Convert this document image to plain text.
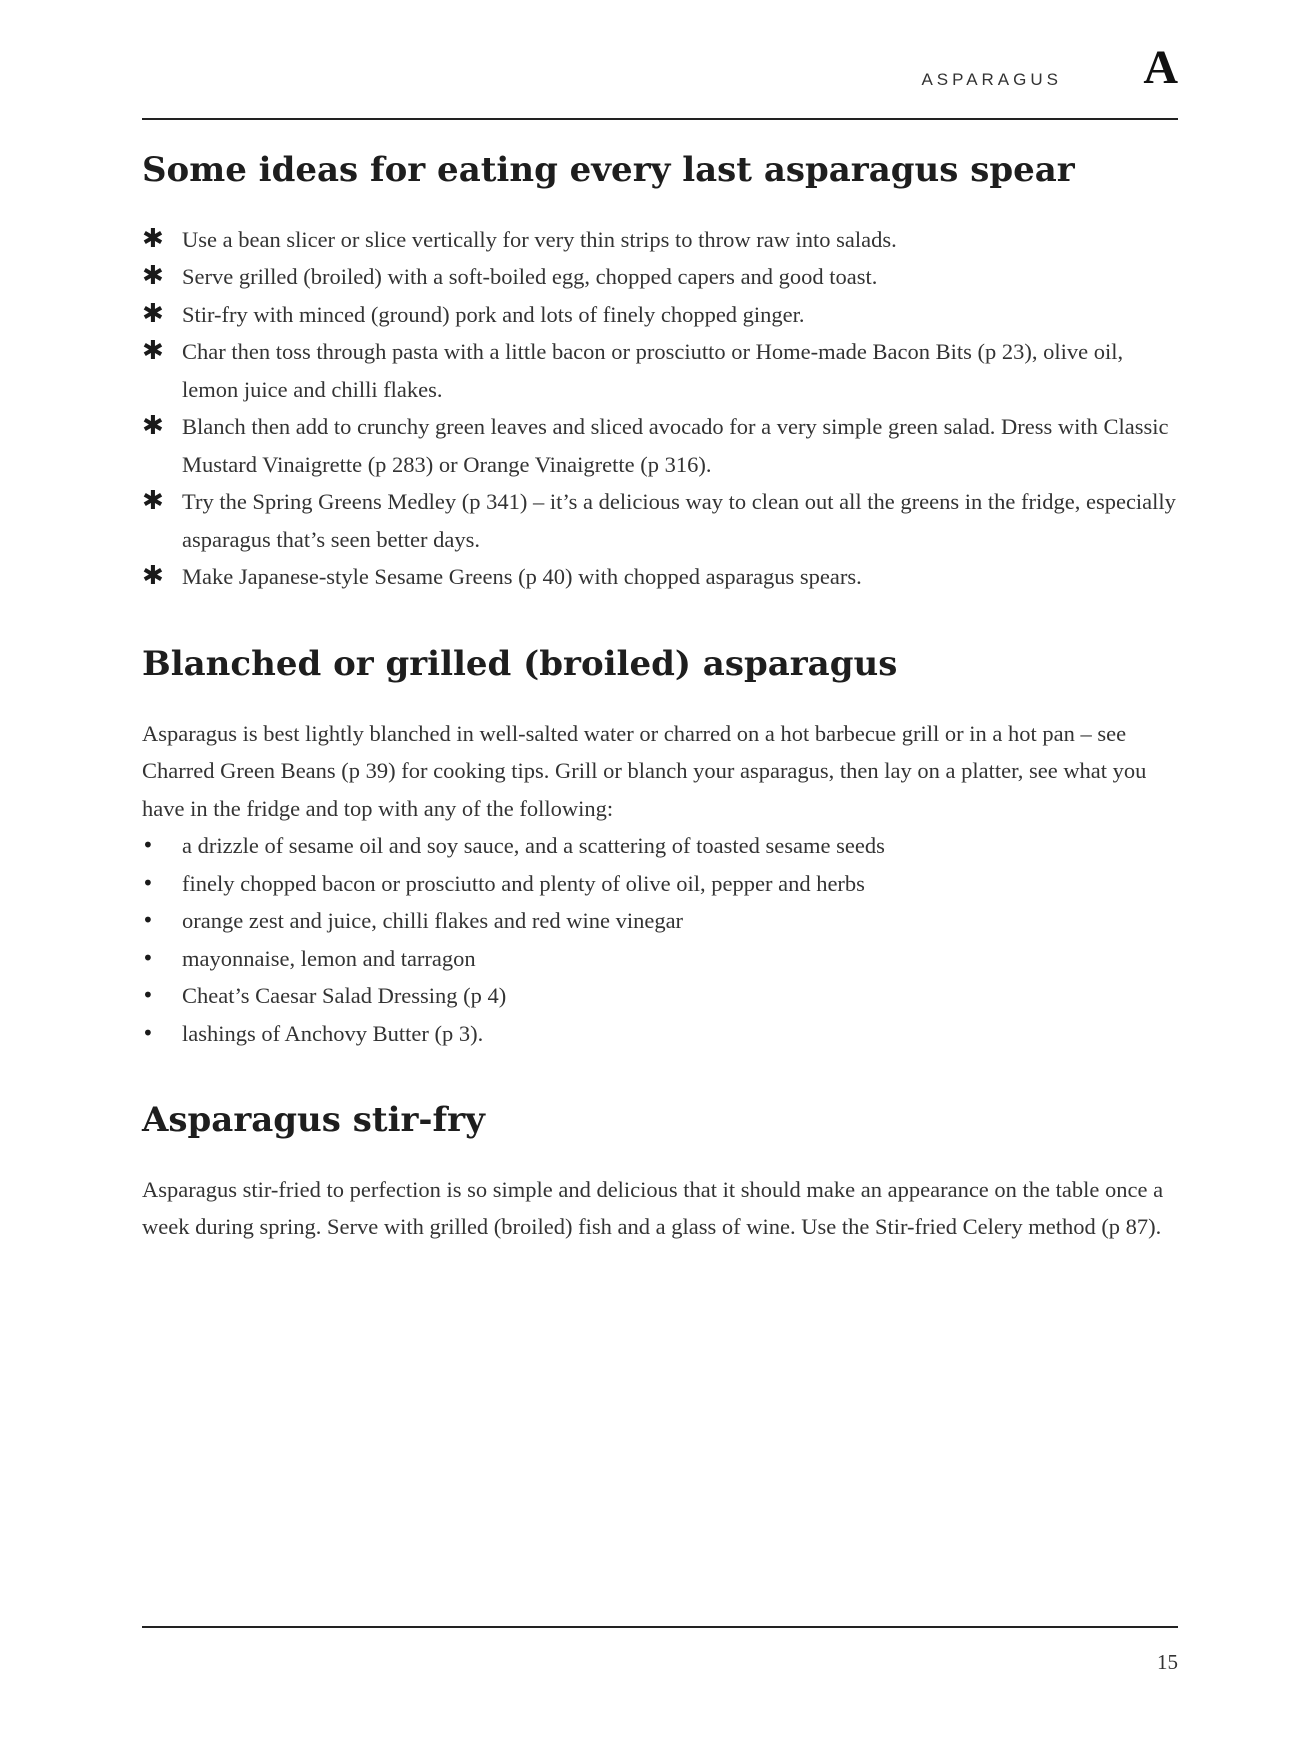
ASPARAGUS A
Some ideas for eating every last asparagus spear
✱ Use a bean slicer or slice vertically for very thin strips to throw raw into salads.
✱ Serve grilled (broiled) with a soft-boiled egg, chopped capers and good toast.
✱ Stir-fry with minced (ground) pork and lots of finely chopped ginger.
✱ Char then toss through pasta with a little bacon or prosciutto or Home-made Bacon Bits (p 23), olive oil, lemon juice and chilli flakes.
✱ Blanch then add to crunchy green leaves and sliced avocado for a very simple green salad. Dress with Classic Mustard Vinaigrette (p 283) or Orange Vinaigrette (p 316).
✱ Try the Spring Greens Medley (p 341) – it’s a delicious way to clean out all the greens in the fridge, especially asparagus that’s seen better days.
✱ Make Japanese-style Sesame Greens (p 40) with chopped asparagus spears.
Blanched or grilled (broiled) asparagus

Asparagus is best lightly blanched in well-salted water or charred on a hot barbecue grill or in a hot pan – see Charred Green Beans (p 39) for cooking tips. Grill or blanch your asparagus, then lay on a platter, see what you have in the fridge and top with any of the following:

•	a drizzle of sesame oil and soy sauce, and a scattering of toasted sesame seeds
•	finely chopped bacon or prosciutto and plenty of olive oil, pepper and herbs
•	orange zest and juice, chilli flakes and red wine vinegar
•	mayonnaise, lemon and tarragon
•	Cheat’s Caesar Salad Dressing (p 4)
•	lashings of Anchovy Butter (p 3).
Asparagus stir-fry

Asparagus stir-fried to perfection is so simple and delicious that it should make an appearance on the table once a week during spring. Serve with grilled (broiled) fish and a glass of wine. Use the Stir-fried Celery method (p 87).

15
